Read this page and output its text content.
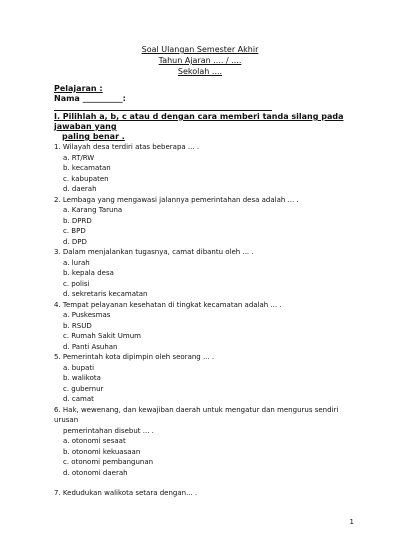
Soal Ulangan Semester Akhir
Tahun Ajaran .... / ....
Sekolah ....
Pelajaran :
Nama __________:
I. Pilihlah a, b, c atau d dengan cara memberi tanda silang pada jawaban yang
paling benar .
1. Wilayah desa terdiri atas beberapa ... .
a. RT/RW
b. kecamatan
c. kabupaten
d. daerah
2. Lembaga yang mengawasi jalannya pemerintahan desa adalah ... .
a. Karang Taruna
b. DPRD
c. BPD
d. DPD
3. Dalam menjalankan tugasnya, camat dibantu oleh ... .
a. lurah
b. kepala desa
c. polisi
d. sekretaris kecamatan
4. Tempat pelayanan kesehatan di tingkat kecamatan adalah ... .
a. Puskesmas
b. RSUD
c. Rumah Sakit Umum
d. Panti Asuhan
5. Pemerintah kota dipimpin oleh seorang ... .
a. bupati
b. walikota
c. gubernur
d. camat
6. Hak, wewenang, dan kewajiban daerah untuk mengatur dan mengurus sendiri urusan
pemerintahan disebut ... .
a. otonomi sesaat
b. otonomi kekuasaan
c. otonomi pembangunan
d. otonomi daerah
7. Kedudukan walikota setara dengan... .
1
